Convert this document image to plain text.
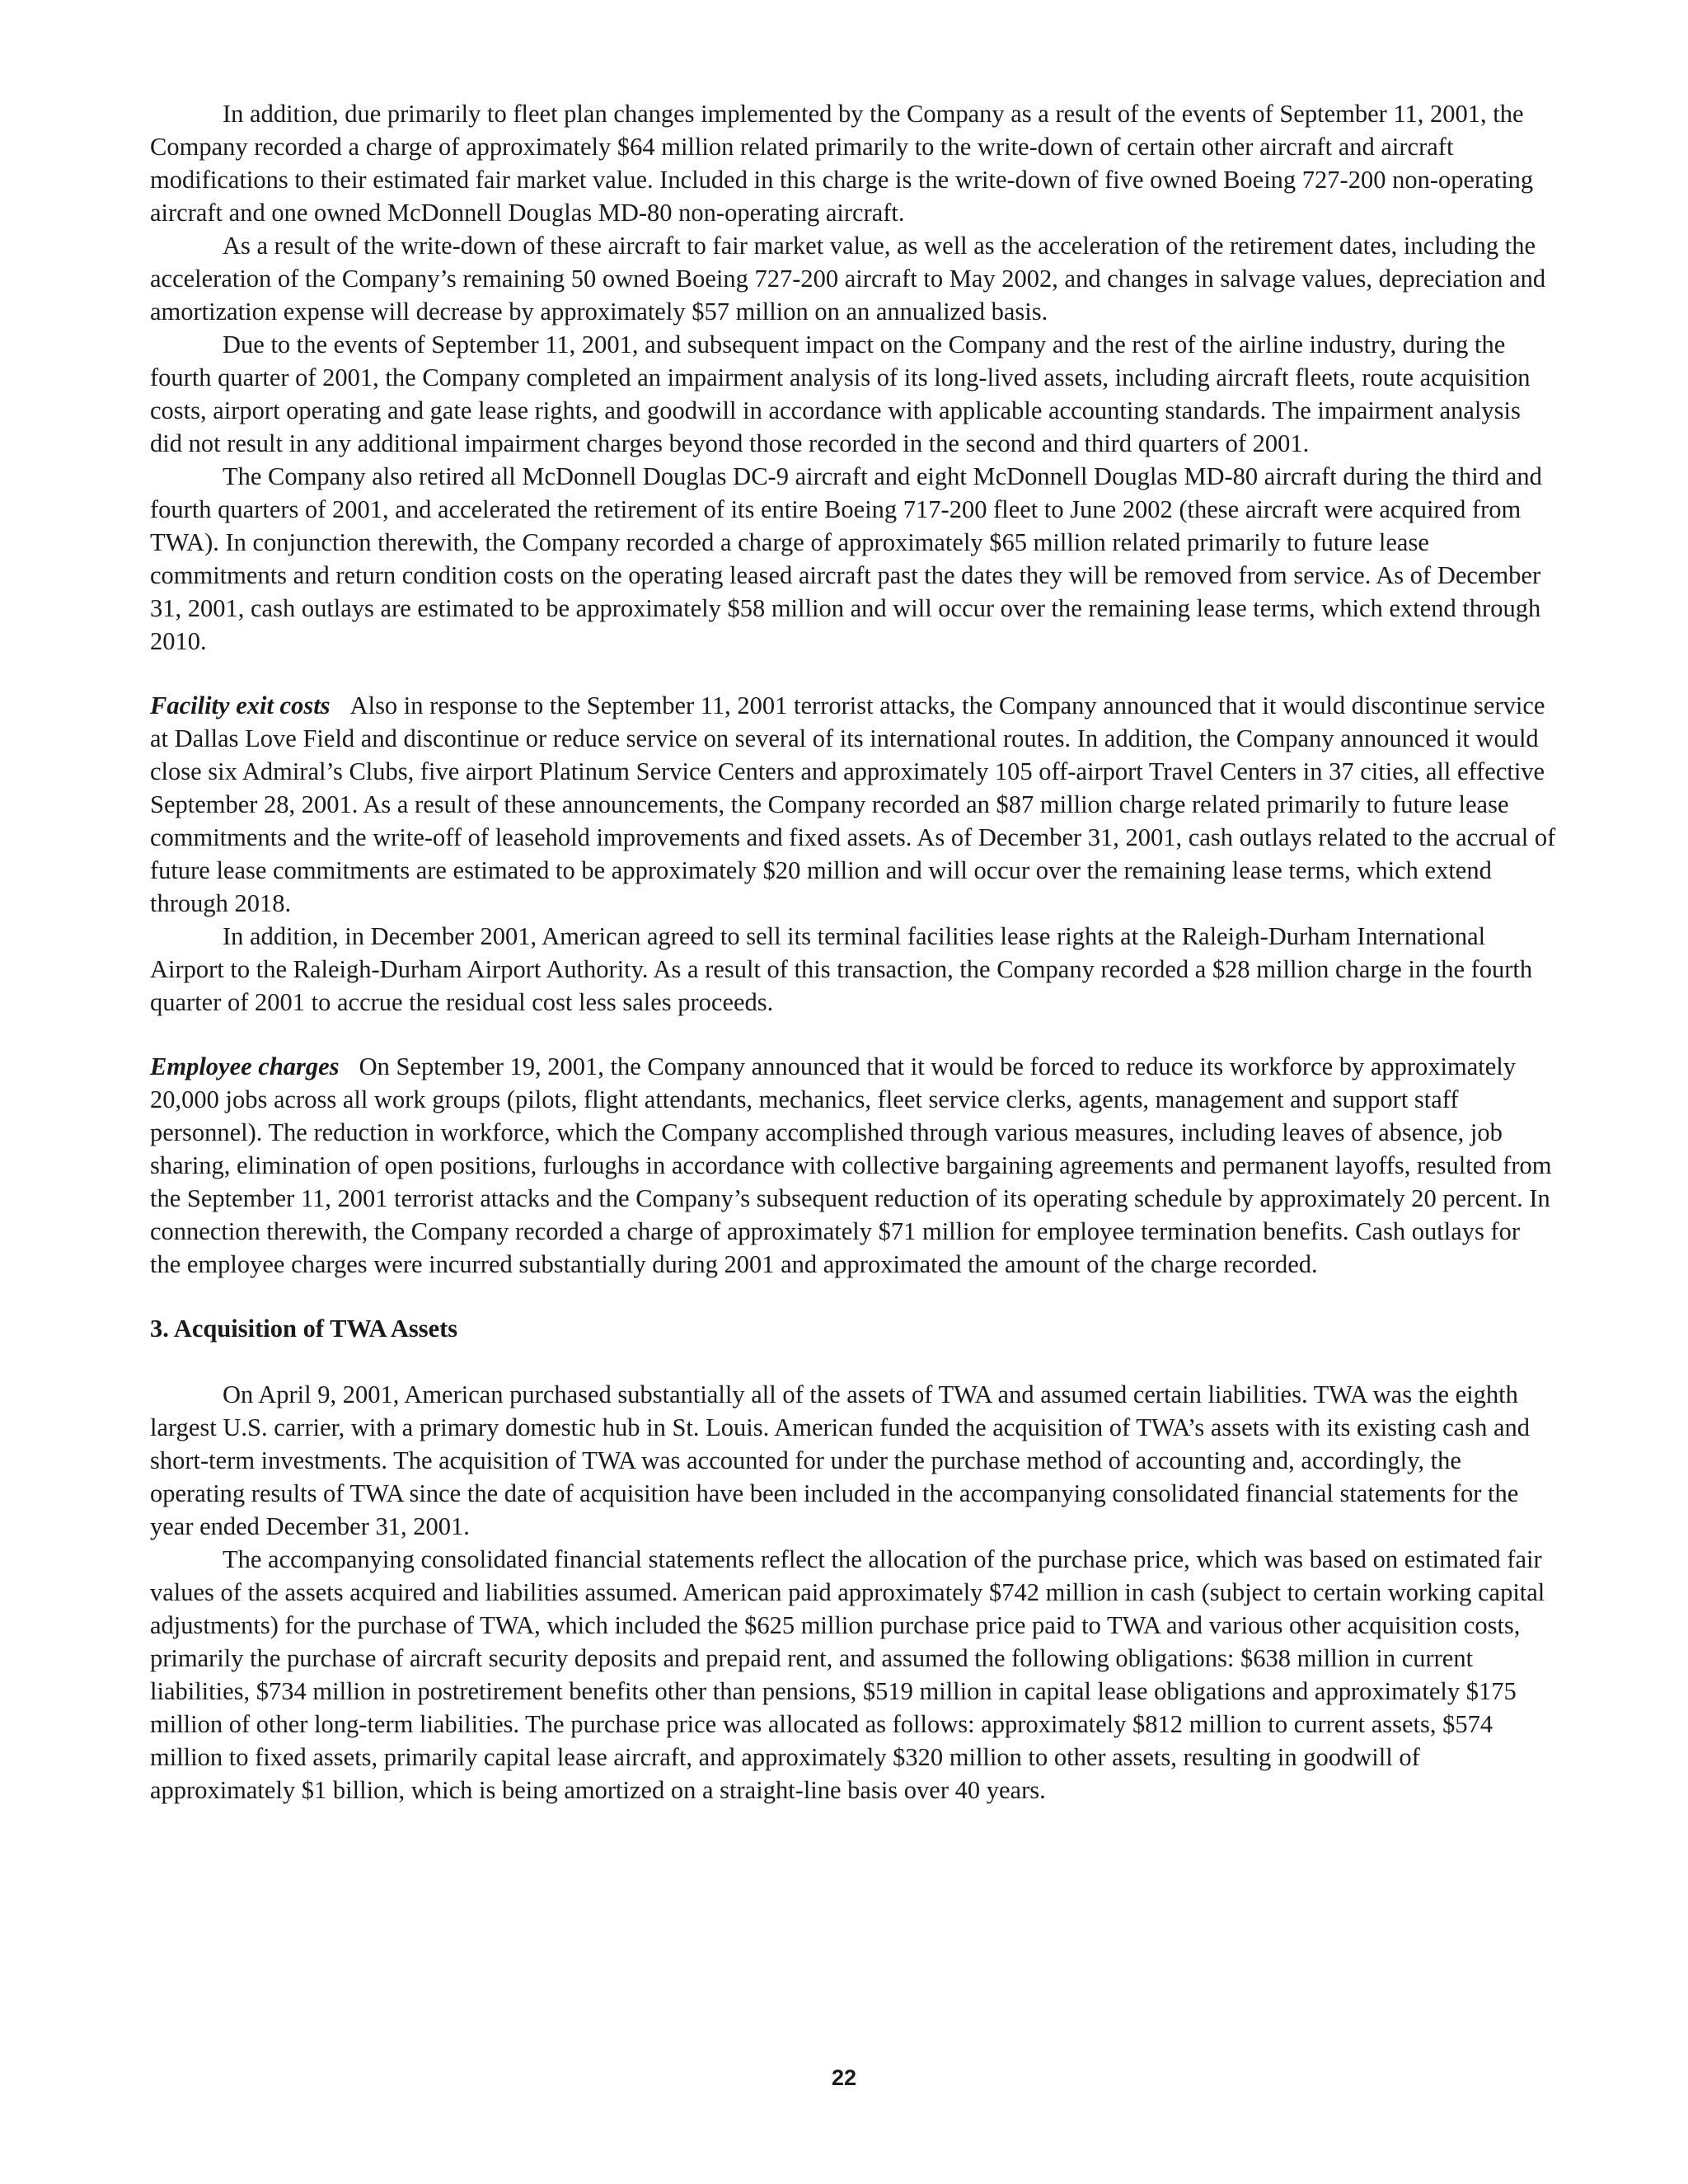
In addition, due primarily to fleet plan changes implemented by the Company as a result of the events of September 11, 2001, the Company recorded a charge of approximately $64 million related primarily to the write-down of certain other aircraft and aircraft modifications to their estimated fair market value. Included in this charge is the write-down of five owned Boeing 727-200 non-operating aircraft and one owned McDonnell Douglas MD-80 non-operating aircraft.

As a result of the write-down of these aircraft to fair market value, as well as the acceleration of the retirement dates, including the acceleration of the Company’s remaining 50 owned Boeing 727-200 aircraft to May 2002, and changes in salvage values, depreciation and amortization expense will decrease by approximately $57 million on an annualized basis.

Due to the events of September 11, 2001, and subsequent impact on the Company and the rest of the airline industry, during the fourth quarter of 2001, the Company completed an impairment analysis of its long-lived assets, including aircraft fleets, route acquisition costs, airport operating and gate lease rights, and goodwill in accordance with applicable accounting standards. The impairment analysis did not result in any additional impairment charges beyond those recorded in the second and third quarters of 2001.

The Company also retired all McDonnell Douglas DC-9 aircraft and eight McDonnell Douglas MD-80 aircraft during the third and fourth quarters of 2001, and accelerated the retirement of its entire Boeing 717-200 fleet to June 2002 (these aircraft were acquired from TWA). In conjunction therewith, the Company recorded a charge of approximately $65 million related primarily to future lease commitments and return condition costs on the operating leased aircraft past the dates they will be removed from service. As of December 31, 2001, cash outlays are estimated to be approximately $58 million and will occur over the remaining lease terms, which extend through 2010.

Facility exit costs Also in response to the September 11, 2001 terrorist attacks, the Company announced that it would discontinue service at Dallas Love Field and discontinue or reduce service on several of its international routes. In addition, the Company announced it would close six Admiral’s Clubs, five airport Platinum Service Centers and approximately 105 off-airport Travel Centers in 37 cities, all effective September 28, 2001. As a result of these announcements, the Company recorded an $87 million charge related primarily to future lease commitments and the write-off of leasehold improvements and fixed assets. As of December 31, 2001, cash outlays related to the accrual of future lease commitments are estimated to be approximately $20 million and will occur over the remaining lease terms, which extend through 2018.

In addition, in December 2001, American agreed to sell its terminal facilities lease rights at the Raleigh-Durham International Airport to the Raleigh-Durham Airport Authority. As a result of this transaction, the Company recorded a $28 million charge in the fourth quarter of 2001 to accrue the residual cost less sales proceeds.

Employee charges On September 19, 2001, the Company announced that it would be forced to reduce its workforce by approximately 20,000 jobs across all work groups (pilots, flight attendants, mechanics, fleet service clerks, agents, management and support staff personnel). The reduction in workforce, which the Company accomplished through various measures, including leaves of absence, job sharing, elimination of open positions, furloughs in accordance with collective bargaining agreements and permanent layoffs, resulted from the September 11, 2001 terrorist attacks and the Company’s subsequent reduction of its operating schedule by approximately 20 percent. In connection therewith, the Company recorded a charge of approximately $71 million for employee termination benefits. Cash outlays for the employee charges were incurred substantially during 2001 and approximated the amount of the charge recorded.

3. Acquisition of TWA Assets

On April 9, 2001, American purchased substantially all of the assets of TWA and assumed certain liabilities. TWA was the eighth largest U.S. carrier, with a primary domestic hub in St. Louis. American funded the acquisition of TWA’s assets with its existing cash and short-term investments. The acquisition of TWA was accounted for under the purchase method of accounting and, accordingly, the operating results of TWA since the date of acquisition have been included in the accompanying consolidated financial statements for the year ended December 31, 2001.

The accompanying consolidated financial statements reflect the allocation of the purchase price, which was based on estimated fair values of the assets acquired and liabilities assumed. American paid approximately $742 million in cash (subject to certain working capital adjustments) for the purchase of TWA, which included the $625 million purchase price paid to TWA and various other acquisition costs, primarily the purchase of aircraft security deposits and prepaid rent, and assumed the following obligations: $638 million in current liabilities, $734 million in postretirement benefits other than pensions, $519 million in capital lease obligations and approximately $175 million of other long-term liabilities. The purchase price was allocated as follows: approximately $812 million to current assets, $574 million to fixed assets, primarily capital lease aircraft, and approximately $320 million to other assets, resulting in goodwill of approximately $1 billion, which is being amortized on a straight-line basis over 40 years.

22
